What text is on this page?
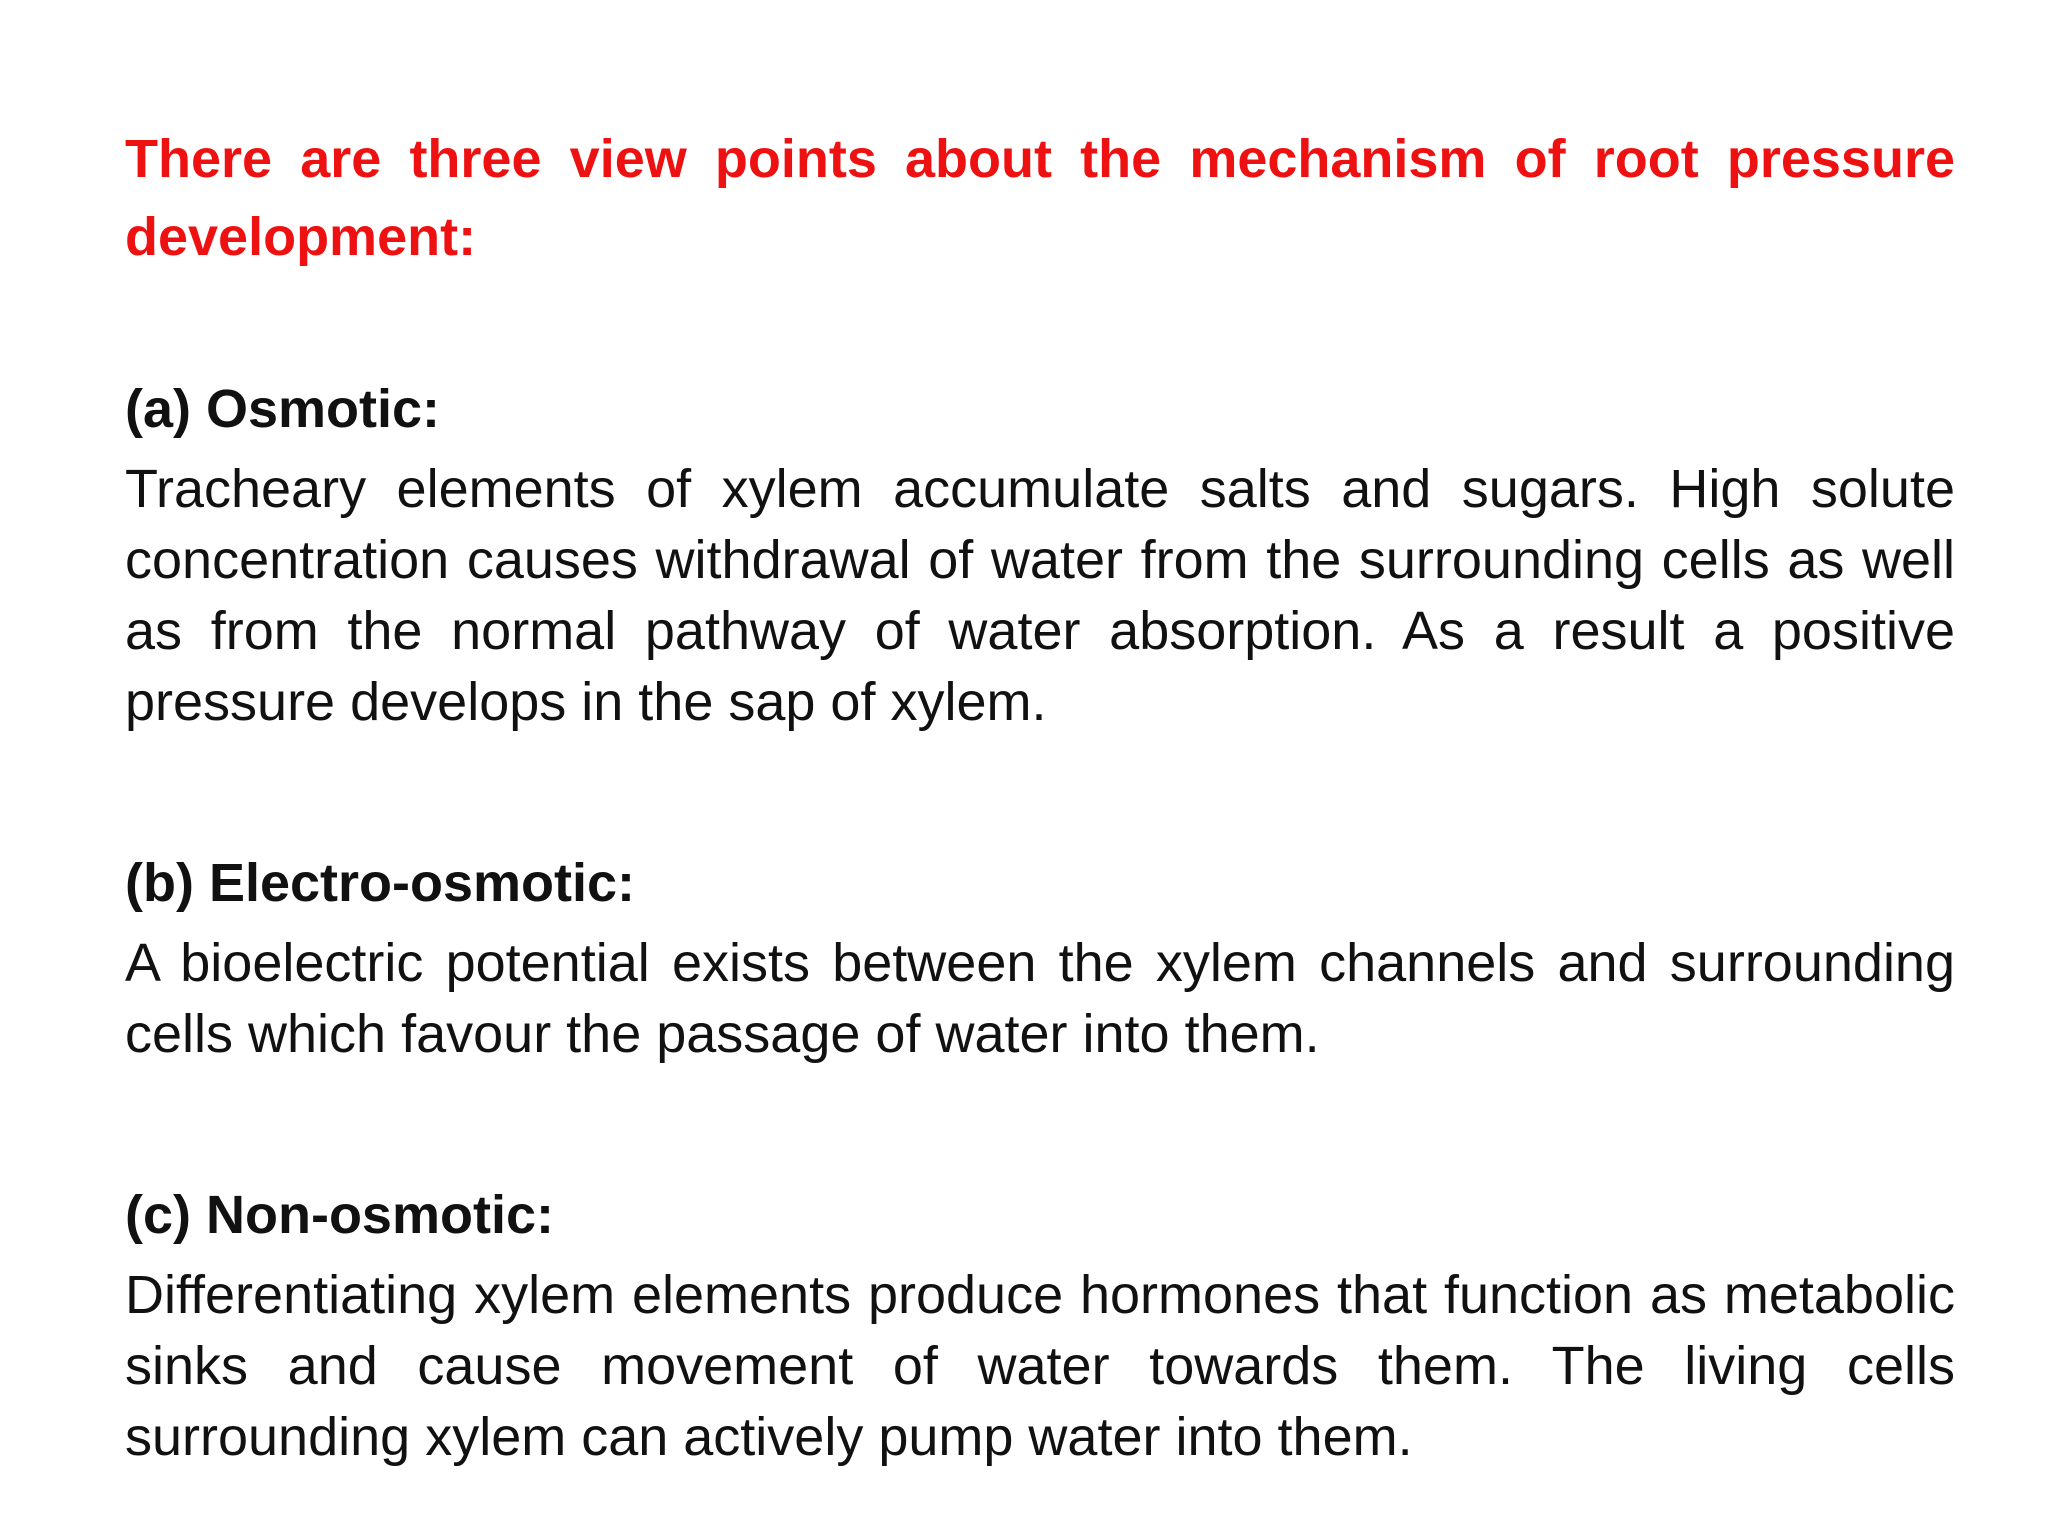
There are three view points about the mechanism of root pressure development:

(a) Osmotic:

Tracheary elements of xylem accumulate salts and sugars. High solute concentration causes withdrawal of water from the surrounding cells as well as from the normal pathway of water absorption. As a result a positive pressure develops in the sap of xylem.

(b) Electro-osmotic:

A bioelectric potential exists between the xylem channels and surrounding cells which favour the passage of water into them.

(c) Non-osmotic:

Differentiating xylem elements produce hormones that function as metabolic sinks and cause movement of water towards them. The living cells surrounding xylem can actively pump water into them.
